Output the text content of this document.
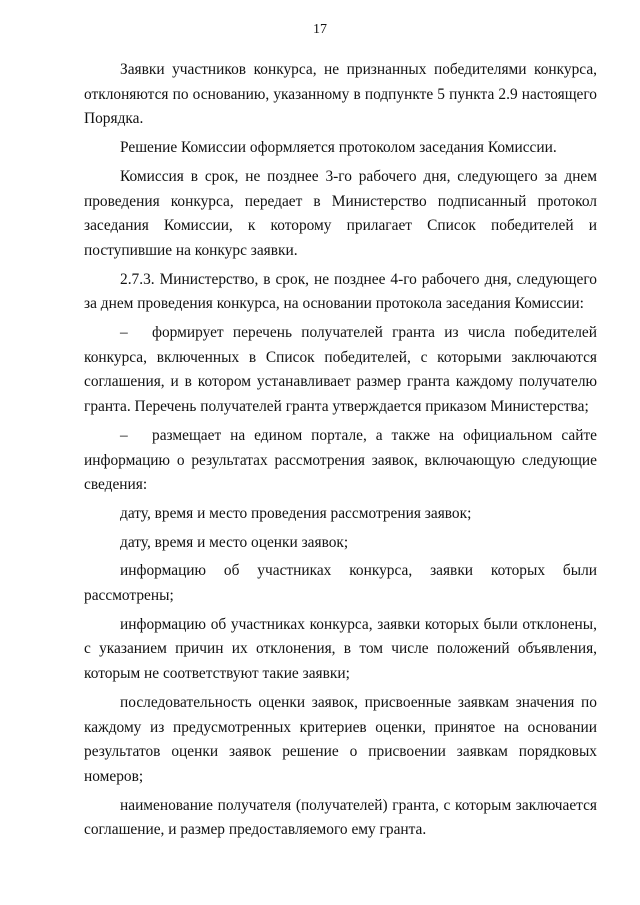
17

Заявки участников конкурса, не признанных победителями конкурса, отклоняются по основанию, указанному в подпункте 5 пункта 2.9 настоящего Порядка.

Решение Комиссии оформляется протоколом заседания Комиссии.

Комиссия в срок, не позднее 3-го рабочего дня, следующего за днем проведения конкурса, передает в Министерство подписанный протокол заседания Комиссии, к которому прилагает Список победителей и поступившие на конкурс заявки.

2.7.3. Министерство, в срок, не позднее 4-го рабочего дня, следующего за днем проведения конкурса, на основании протокола заседания Комиссии:

– формирует перечень получателей гранта из числа победителей конкурса, включенных в Список победителей, с которыми заключаются соглашения, и в котором устанавливает размер гранта каждому получателю гранта. Перечень получателей гранта утверждается приказом Министерства;

– размещает на едином портале, а также на официальном сайте информацию о результатах рассмотрения заявок, включающую следующие сведения:

дату, время и место проведения рассмотрения заявок;

дату, время и место оценки заявок;

информацию об участниках конкурса, заявки которых были рассмотрены;

информацию об участниках конкурса, заявки которых были отклонены, с указанием причин их отклонения, в том числе положений объявления, которым не соответствуют такие заявки;

последовательность оценки заявок, присвоенные заявкам значения по каждому из предусмотренных критериев оценки, принятое на основании результатов оценки заявок решение о присвоении заявкам порядковых номеров;

наименование получателя (получателей) гранта, с которым заключается соглашение, и размер предоставляемого ему гранта.
